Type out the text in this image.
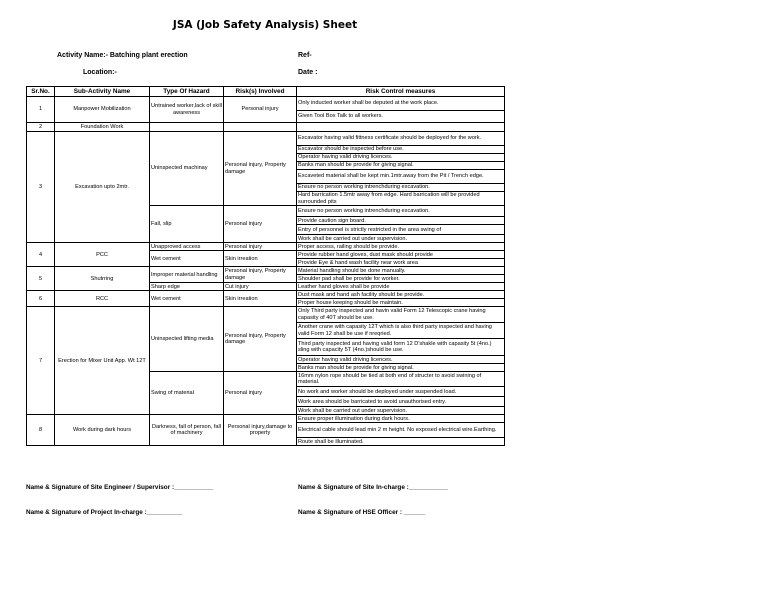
JSA (Job Safety Analysis) Sheet
Activity Name:- Batching plant erection	Ref-
Location:-	Date :
Sr.No.	Sub-Activity Name	Type Of Hazard	Risk(s) Involved	Risk Control measures
1	Manpower Mobilization	Untrained worker,lack of skill awareness	Personal injury	Only inducted worker shall be deputed at the work place.
				Given Tool Box Talk to all workers.
2	Foundation Work			
3	Excavation upto 2mtr.	Uninspected machinay	Personal injury, Property damage	Excavator having valid fittness certificate should be deployed for the work.
				Excavator should be inspected before use.
				Operator having valid driving licences.
				Banks man should be provide for giving signal.
				Excaveted material shall be kept min.1mtr.away from the Pit / Trench edge.
				Ensure no person working intrenchduring excavation.
				Hard barrication 1.5mtr away from edge. Hard barrication will be provided surrounded pits
		Fall, slip	Personal injury	Ensure no person working intrenchduring excavation.
				Provide caution sign board.
				Entry of personnel is strictly restricted in the area swing of
				Work shall be carried out under supervision.
4	PCC	Unapproved access	Personal injury	Proper access, railing should be provide.
		Wet cement	Skin irreation	Provide rubber hand gloves, dust mask should provide
				Provide Eye & hand wash facility near work area
5	Shutrring	Improper material handling	Personal injury, Property damage	Material handling should be done manually.
				Shoulder pad shall be provide for worker.
		Sharp edge	Cut injury	Leather hand gloves shall be provide
6	RCC	Wet cement	Skin irreation	Dust mask and hand ash facility should be provide.
				Proper house keeping should be maintain.
7	Erection for Mixer Unit App. Wt 12T	Uninspected lifting media	Personal injury, Property damage	Only Third party inspected and havin valid Form 12 Telescopic crane having capasity of 40T should be use.
				Another crane with capasity 12T which is also third party inspected and having valid Form 12 shall be use if nreqried.
				Third party inspected and having valid form 12 D'shakle with capasity 5t (4no.) sling with capacity 5T (4no.)should be use.
				Operator having valid driving licences.
				Banks man should be provide for giving signal.
		Swing of material	Personal injury	16mm nylon rope should be tied at both end of structer to avoid swining of material.
				No work and worker should be deployed under suspended load.
				Work area should be barricated to avoid unauthorised entry.
				Work shall be carried out under supervision.
8	Work during dark hours	Darkness, fall of person, fall of machinery	Personal injury,damage to property	Ensure proper illumination during dark hours.
				Electrical cable should lead min 2 m height. No exposed electrical wire.Earthing.
				Route shall be illuminated.
Name & Signature of Site Engineer / Supervisor :___________	Name & Signature of Site In-charge :___________
Name & Signature of Project In-charge :__________	Name & Signature of HSE Officer : ______
